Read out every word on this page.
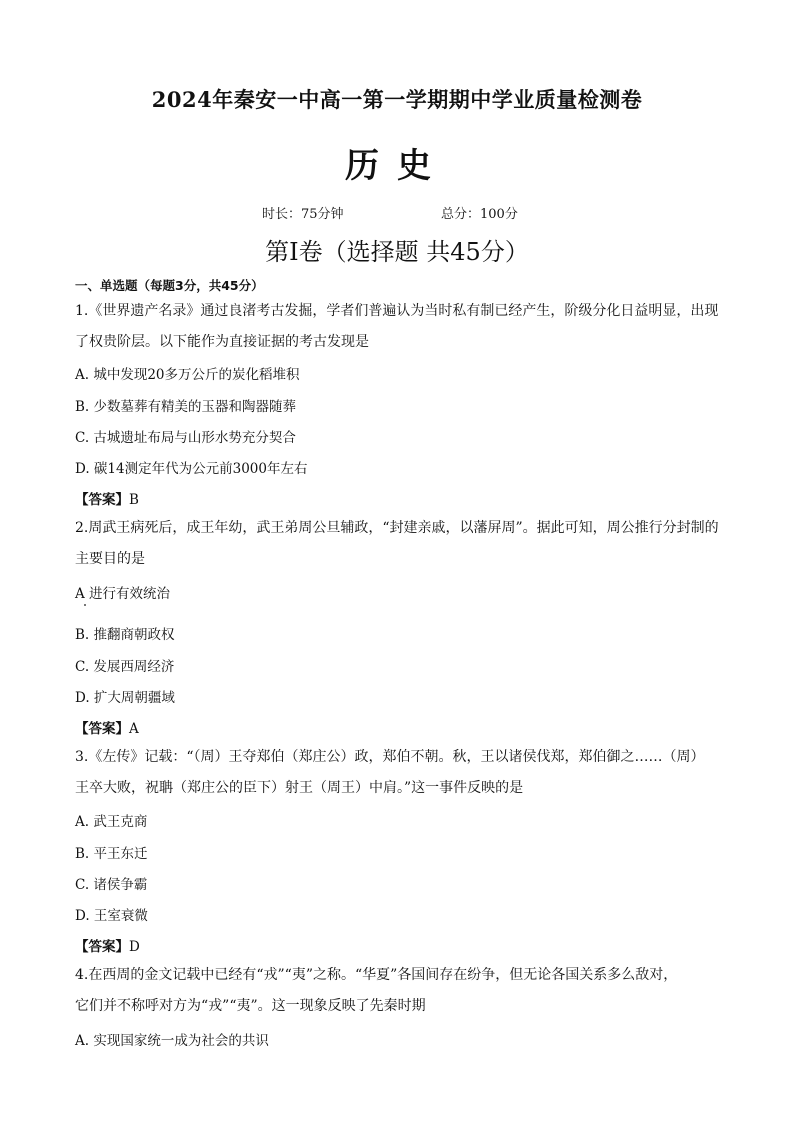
2024年秦安一中高一第一学期期中学业质量检测卷
历史
时长：75分钟	总分：100分
第Ⅰ卷（选择题 共45分）
一、单选题（每题3分，共45分）
1.《世界遗产名录》通过良渚考古发掘，学者们普遍认为当时私有制已经产生，阶级分化日益明显，出现
了权贵阶层。以下能作为直接证据的考古发现是
A. 城中发现20多万公斤的炭化稻堆积
B. 少数墓葬有精美的玉器和陶器随葬
C. 古城遗址布局与山形水势充分契合
D. 碳14测定年代为公元前3000年左右
【答案】B
2.周武王病死后，成王年幼，武王弟周公旦辅政，“封建亲戚，以藩屏周”。据此可知，周公推行分封制的
主要目的是
A 进行有效统治
B. 推翻商朝政权
C. 发展西周经济
D. 扩大周朝疆域
【答案】A
3.《左传》记载：“（周）王夺郑伯（郑庄公）政，郑伯不朝。秋，王以诸侯伐郑，郑伯御之……（周）
王卒大败，祝聃（郑庄公的臣下）射王（周王）中肩。”这一事件反映的是
A. 武王克商
B. 平王东迁
C. 诸侯争霸
D. 王室衰微
【答案】D
4.在西周的金文记载中已经有“戎”“夷”之称。“华夏”各国间存在纷争，但无论各国关系多么敌对，
它们并不称呼对方为“戎”“夷”。这一现象反映了先秦时期
A. 实现国家统一成为社会的共识
